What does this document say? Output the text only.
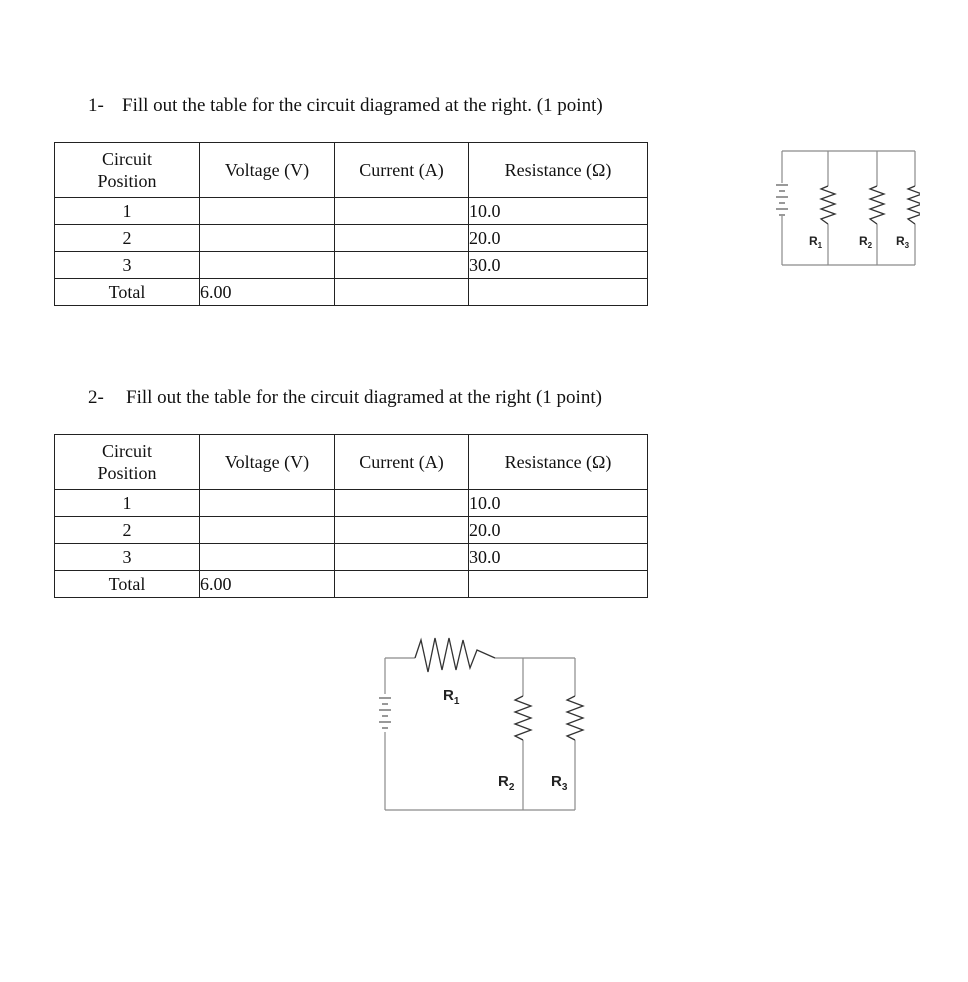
1- Fill out the table for the circuit diagramed at the right. (1 point)
Circuit
Position	Voltage (V)	Current (A)	Resistance (Ω)
1			10.0
2			20.0
3			30.0
Total	6.00		
$R_1$	$R_2$ $R_3$
2- Fill out the table for the circuit diagramed at the right (1 point)
Circuit
Position	Voltage (V)	Current (A)	Resistance (Ω)
1			10.0
2			20.0
3			30.0
Total	6.00		
$R_1$
$R_2$ $R_3$
